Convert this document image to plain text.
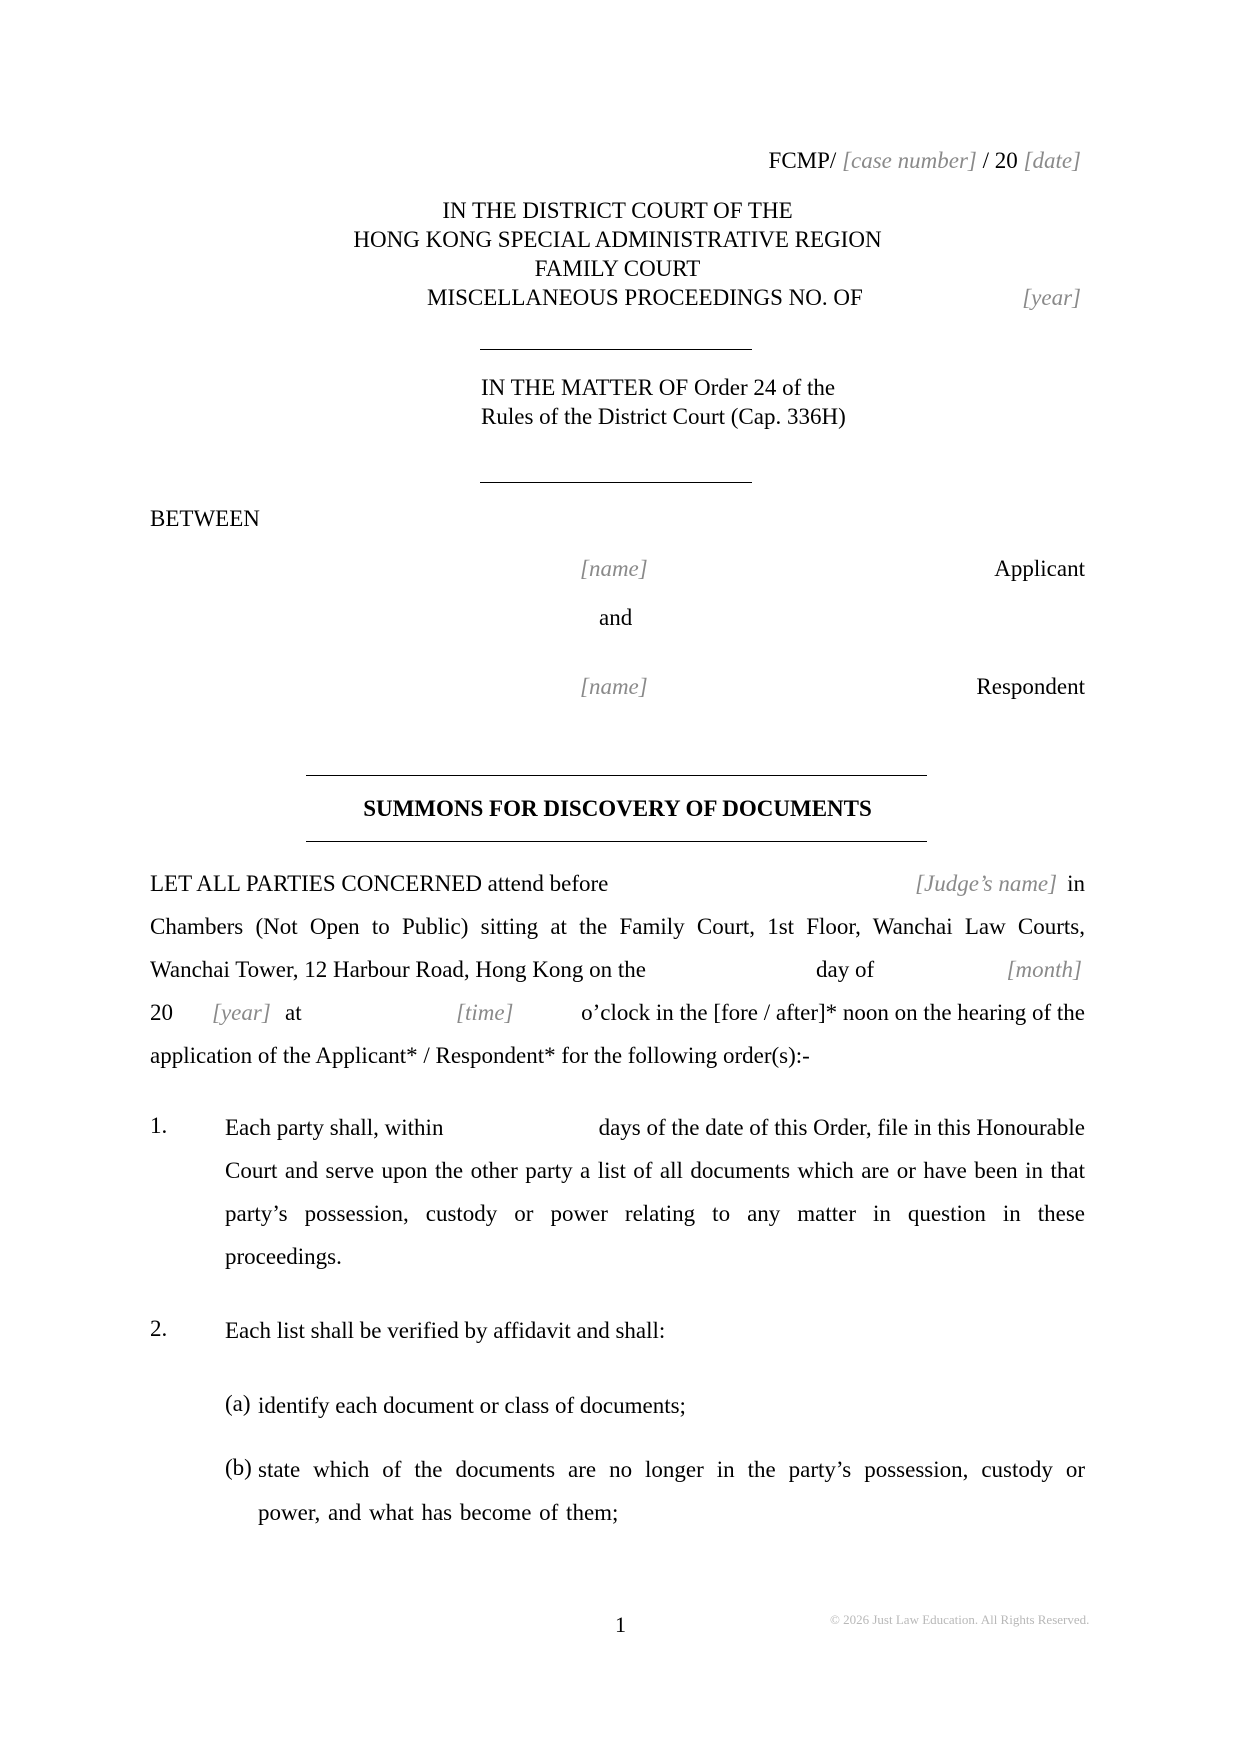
FCMP/ [case number] / 20 [date]
IN THE DISTRICT COURT OF THE
HONG KONG SPECIAL ADMINISTRATIVE REGION
FAMILY COURT
MISCELLANEOUS PROCEEDINGS NO. OF	[year]
IN THE MATTER OF Order 24 of the
Rules of the District Court (Cap. 336H)
BETWEEN
[name]	Applicant
and
[name]	Respondent
SUMMONS FOR DISCOVERY OF DOCUMENTS
LET ALL PARTIES CONCERNED attend before	[Judge’s name] in
Chambers (Not Open to Public) sitting at the Family Court, 1st Floor, Wanchai Law Courts,
Wanchai Tower, 12 Harbour Road, Hong Kong on the	day of	[month]
20 [year] at	[time]	o’clock in the [fore / after]* noon on the hearing of the
application of the Applicant* / Respondent* for the following order(s):-
1.	Each party shall, within	days of the date of this Order, file in this Honourable
Court and serve upon the other party a list of all documents which are or have been in that party’s possession, custody or power relating to any matter in question in these proceedings.
2.	Each list shall be verified by affidavit and shall:
(a) identify each document or class of documents;
(b) state which of the documents are no longer in the party’s possession, custody or power, and what has become of them;
1	© 2026 Just Law Education. All Rights Reserved.
